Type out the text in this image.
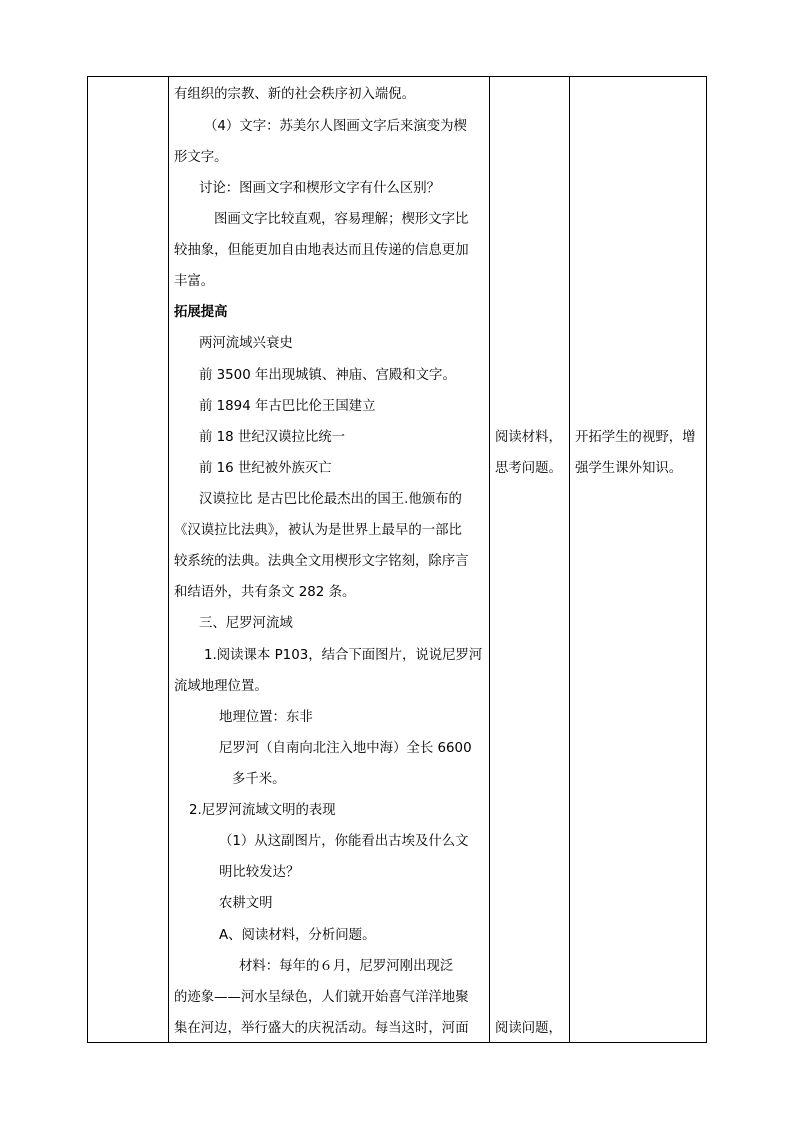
有组织的宗教、新的社会秩序初入端倪。
（4）文字：苏美尔人图画文字后来演变为楔
形文字。
讨论：图画文字和楔形文字有什么区别？
图画文字比较直观，容易理解；楔形文字比
较抽象，但能更加自由地表达而且传递的信息更加
丰富。
拓展提高
两河流域兴衰史
前 3500 年出现城镇、神庙、宫殿和文字。
前 1894 年古巴比伦王国建立
前 18 世纪汉谟拉比统一
前 16 世纪被外族灭亡
汉谟拉比 是古巴比伦最杰出的国王.他颁布的
《汉谟拉比法典》，被认为是世界上最早的一部比
较系统的法典。法典全文用楔形文字铭刻，除序言
和结语外，共有条文 282 条。
三、尼罗河流域
1.阅读课本 P103，结合下面图片，说说尼罗河
流域地理位置。
地理位置：东非
尼罗河（自南向北注入地中海）全长 6600
多千米。
2.尼罗河流域文明的表现
（1）从这副图片，你能看出古埃及什么文
明比较发达？
农耕文明
A、阅读材料，分析问题。
材料：每年的６月，尼罗河刚出现泛
的迹象——河水呈绿色，人们就开始喜气洋洋地聚
集在河边，举行盛大的庆祝活动。每当这时，河面
阅读材料，
思考问题。
阅读问题，
开拓学生的视野，增
强学生课外知识。
